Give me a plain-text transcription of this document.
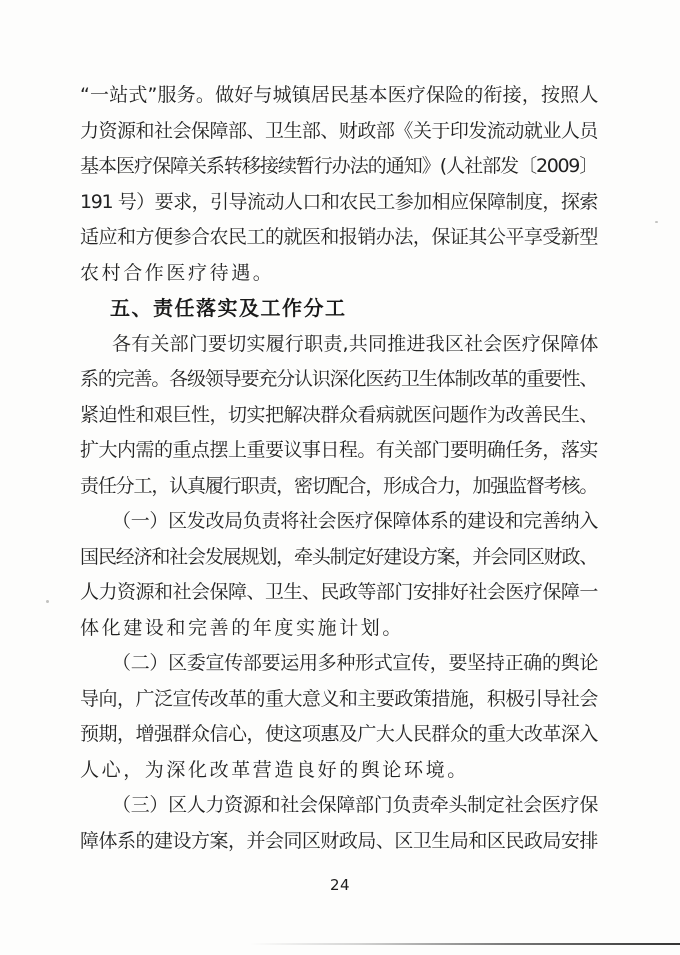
“一站式”服务。做好与城镇居民基本医疗保险的衔接，按照人
力资源和社会保障部、卫生部、财政部《关于印发流动就业人员
基本医疗保障关系转移接续暂行办法的通知》(人社部发〔2009〕
191 号）要求，引导流动人口和农民工参加相应保障制度，探索
适应和方便参合农民工的就医和报销办法，保证其公平享受新型
农村合作医疗待遇。
五、责任落实及工作分工
各有关部门要切实履行职责,共同推进我区社会医疗保障体
系的完善。各级领导要充分认识深化医药卫生体制改革的重要性、
紧迫性和艰巨性，切实把解决群众看病就医问题作为改善民生、
扩大内需的重点摆上重要议事日程。有关部门要明确任务，落实
责任分工，认真履行职责，密切配合，形成合力，加强监督考核。
（一）区发改局负责将社会医疗保障体系的建设和完善纳入
国民经济和社会发展规划，牵头制定好建设方案，并会同区财政、
人力资源和社会保障、卫生、民政等部门安排好社会医疗保障一
体化建设和完善的年度实施计划。
（二）区委宣传部要运用多种形式宣传，要坚持正确的舆论
导向，广泛宣传改革的重大意义和主要政策措施，积极引导社会
预期，增强群众信心，使这项惠及广大人民群众的重大改革深入
人心，为深化改革营造良好的舆论环境。
（三）区人力资源和社会保障部门负责牵头制定社会医疗保
障体系的建设方案，并会同区财政局、区卫生局和区民政局安排
24
